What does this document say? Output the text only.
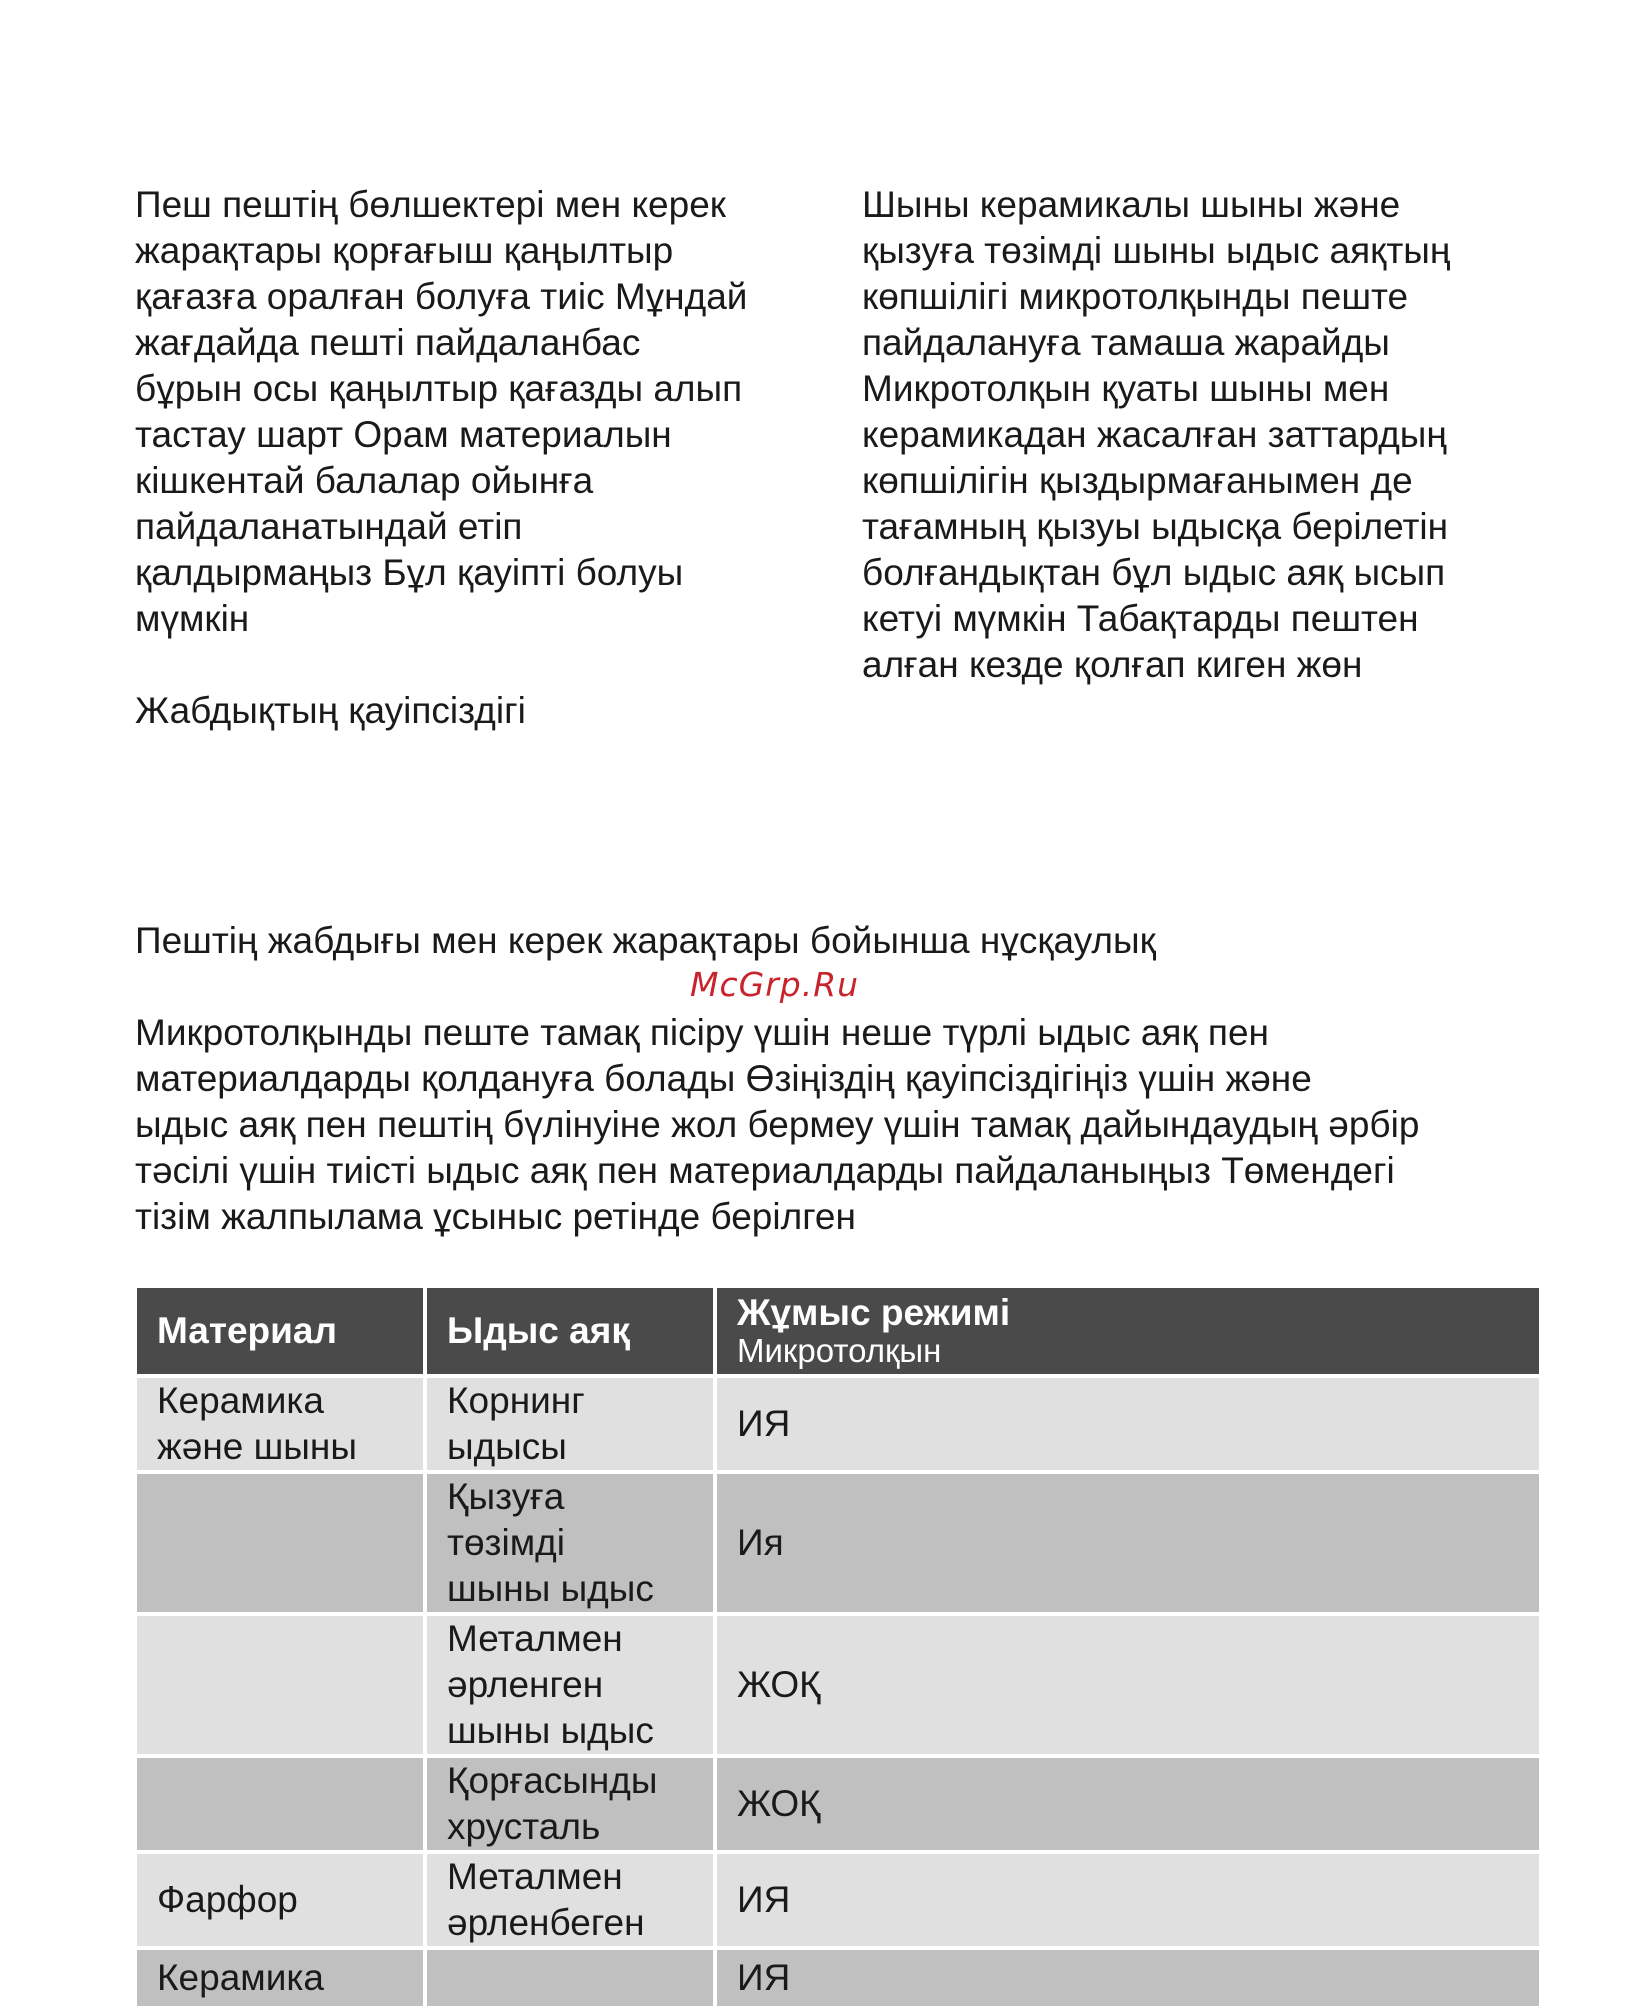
Пеш пештің бөлшектері мен керек
жарақтары қорғағыш қаңылтыр
қағазға оралған болуға тиіс Мұндай
жағдайда пешті пайдаланбас
бұрын осы қаңылтыр қағазды алып
тастау шарт Орам материалын
кішкентай балалар ойынға
пайдаланатындай етіп
қалдырмаңыз Бұл қауіпті болуы
мүмкін
Жабдықтың қауіпсіздігі
Шыны керамикалы шыны және
қызуға төзімді шыны ыдыс аяқтың
көпшілігі микротолқынды пеште
пайдалануға тамаша жарайды
Микротолқын қуаты шыны мен
керамикадан жасалған заттардың
көпшілігін қыздырмағанымен де
тағамның қызуы ыдысқа берілетін
болғандықтан бұл ыдыс аяқ ысып
кетуі мүмкін Табақтарды пештен
алған кезде қолғап киген жөн
Пештің жабдығы мен керек жарақтары бойынша нұсқаулық
McGrp.Ru
Микротолқынды пеште тамақ пісіру үшін неше түрлі ыдыс аяқ пен
материалдарды қолдануға болады Өзіңіздің қауіпсіздігіңіз үшін және
ыдыс аяқ пен пештің бүлінуіне жол бермеу үшін тамақ дайындаудың әрбір
тәсілі үшін тиісті ыдыс аяқ пен материалдарды пайдаланыңыз Төмендегі
тізім жалпылама ұсыныс ретінде берілген
Материал	Ыдыс аяқ	Жұмыс режимі
Микротолқын

Керамика
және шыны	Корнинг
ыдысы	ИЯ
	Қызуға
төзімді
шыны ыдыс	Ия
	Металмен
әрленген
шыны ыдыс	ЖОҚ
	Қорғасынды
хрусталь	ЖОҚ
Фарфор	Металмен
әрленбеген	ИЯ
Керамика		ИЯ
